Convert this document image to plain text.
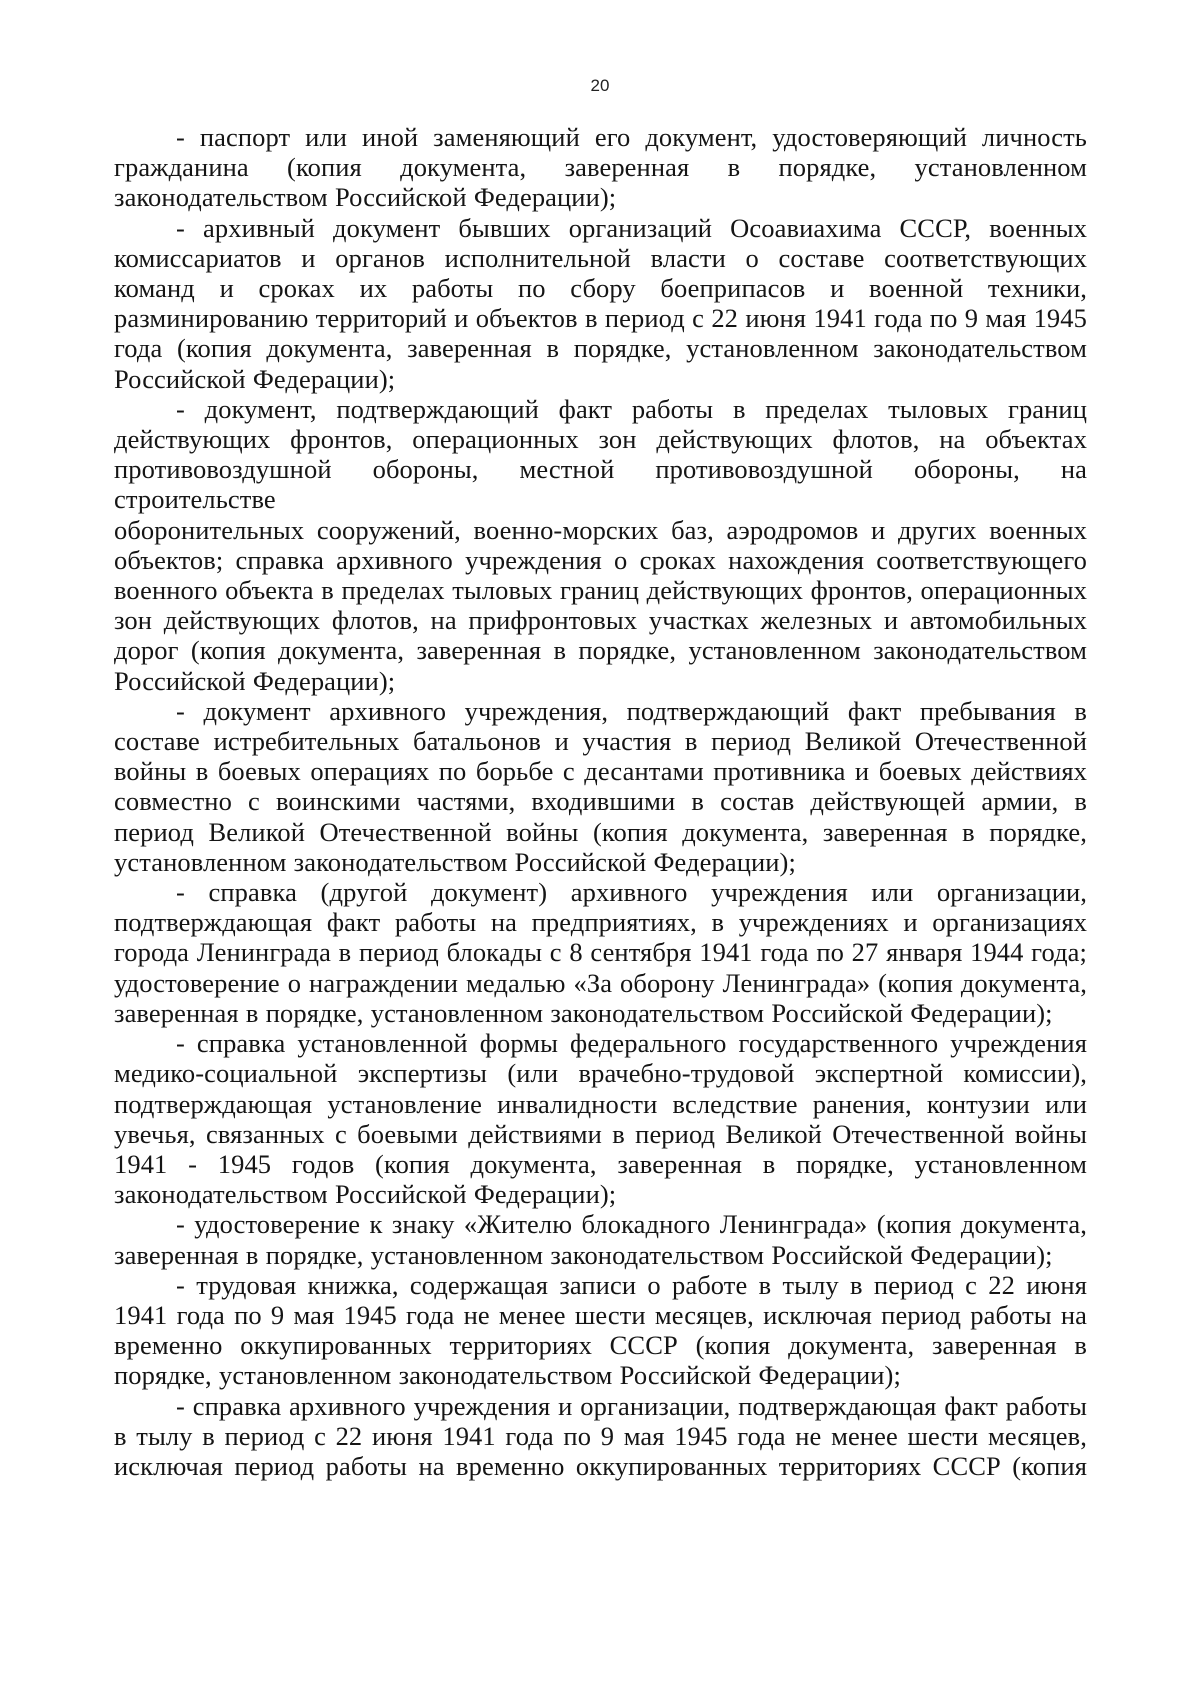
20
- паспорт или иной заменяющий его документ, удостоверяющий личность
гражданина (копия документа, заверенная в порядке, установленном
законодательством Российской Федерации);
- архивный документ бывших организаций Осоавиахима СССР, военных
комиссариатов и органов исполнительной власти о составе соответствующих
команд и сроках их работы по сбору боеприпасов и военной техники,
разминированию территорий и объектов в период с 22 июня 1941 года по 9 мая 1945
года (копия документа, заверенная в порядке, установленном законодательством
Российской Федерации);
- документ, подтверждающий факт работы в пределах тыловых границ
действующих фронтов, операционных зон действующих флотов, на объектах
противовоздушной обороны, местной противовоздушной обороны, на строительстве
оборонительных сооружений, военно-морских баз, аэродромов и других военных
объектов; справка архивного учреждения о сроках нахождения соответствующего
военного объекта в пределах тыловых границ действующих фронтов, операционных
зон действующих флотов, на прифронтовых участках железных и автомобильных
дорог (копия документа, заверенная в порядке, установленном законодательством
Российской Федерации);
- документ архивного учреждения, подтверждающий факт пребывания в
составе истребительных батальонов и участия в период Великой Отечественной
войны в боевых операциях по борьбе с десантами противника и боевых действиях
совместно с воинскими частями, входившими в состав действующей армии, в
период Великой Отечественной войны (копия документа, заверенная в порядке,
установленном законодательством Российской Федерации);
- справка (другой документ) архивного учреждения или организации,
подтверждающая факт работы на предприятиях, в учреждениях и организациях
города Ленинграда в период блокады с 8 сентября 1941 года по 27 января 1944 года;
удостоверение о награждении медалью «За оборону Ленинграда» (копия документа,
заверенная в порядке, установленном законодательством Российской Федерации);
- справка установленной формы федерального государственного учреждения
медико-социальной экспертизы (или врачебно-трудовой экспертной комиссии),
подтверждающая установление инвалидности вследствие ранения, контузии или
увечья, связанных с боевыми действиями в период Великой Отечественной войны
1941 - 1945 годов (копия документа, заверенная в порядке, установленном
законодательством Российской Федерации);
- удостоверение к знаку «Жителю блокадного Ленинграда» (копия документа,
заверенная в порядке, установленном законодательством Российской Федерации);
- трудовая книжка, содержащая записи о работе в тылу в период с 22 июня
1941 года по 9 мая 1945 года не менее шести месяцев, исключая период работы на
временно оккупированных территориях СССР (копия документа, заверенная в
порядке, установленном законодательством Российской Федерации);
- справка архивного учреждения и организации, подтверждающая факт работы
в тылу в период с 22 июня 1941 года по 9 мая 1945 года не менее шести месяцев,
исключая период работы на временно оккупированных территориях СССР (копия
